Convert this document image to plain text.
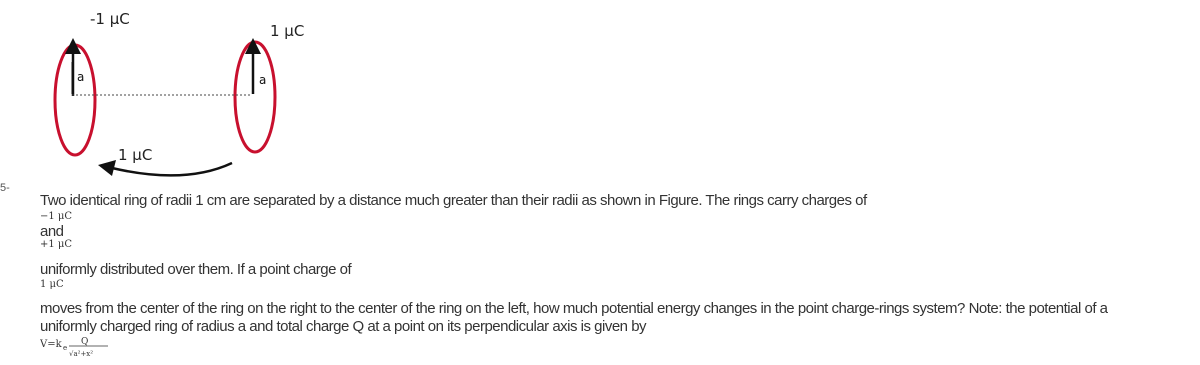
-1 μC
1 μC
a	a
1 μC
5-
Two identical ring of radii 1 cm are separated by a distance much greater than their radii as shown in Figure. The rings carry charges of
−1 μC
and
+1 μC
uniformly distributed over them. If a point charge of
1 μC
moves from the center of the ring on the right to the center of the ring on the left, how much potential energy changes in the point charge-rings system? Note: the potential of a
uniformly charged ring of radius a and total charge Q at a point on its perpendicular axis is given by
V=k e
Q
√a²+x²
